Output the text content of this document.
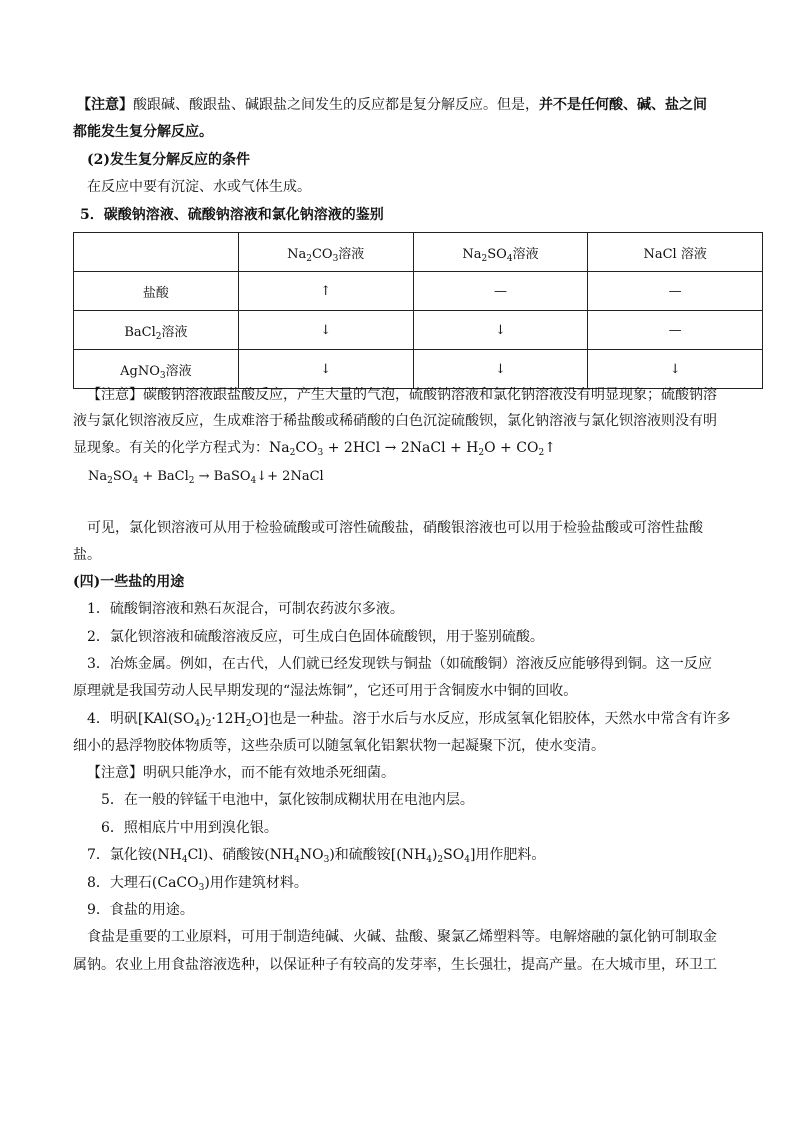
【注意】酸跟碱、酸跟盐、碱跟盐之间发生的反应都是复分解反应。但是，并不是任何酸、碱、盐之间
都能发生复分解反应。
(2)发生复分解反应的条件
在反应中要有沉淀、水或气体生成。
5．碳酸钠溶液、硫酸钠溶液和氯化钠溶液的鉴别
	$Na_2CO_3$溶液	$Na_2SO_4$溶液	NaCl 溶液
盐酸	↑	—	—
BaCl$_2$溶液	↓	↓	—
AgNO$_3$溶液	↓	↓	↓
【注意】碳酸钠溶液跟盐酸反应，产生大量的气泡，硫酸钠溶液和氯化钠溶液没有明显现象；硫酸钠溶
液与氯化钡溶液反应，生成难溶于稀盐酸或稀硝酸的白色沉淀硫酸钡，氯化钠溶液与氯化钡溶液则没有明
显现象。有关的化学方程式为：$Na_2CO_3 + 2HCl$ → 2NaCl + $H_2O$ + $CO_2↑$
$Na_2SO_4$ + BaCl$_2$ → BaSO$_4$↓+ 2NaCl
可见，氯化钡溶液可从用于检验硫酸或可溶性硫酸盐，硝酸银溶液也可以用于检验盐酸或可溶性盐酸
盐。
(四)一些盐的用途
1．硫酸铜溶液和熟石灰混合，可制农药波尔多液。
2．氯化钡溶液和硫酸溶液反应，可生成白色固体硫酸钡，用于鉴别硫酸。
3．冶炼金属。例如，在古代，人们就已经发现铁与铜盐（如硫酸铜）溶液反应能够得到铜。这一反应
原理就是我国劳动人民早期发现的“湿法炼铜”，它还可用于含铜废水中铜的回收。
4．明矾$[KAl(SO_4)_2\cdot 12H_2O]$也是一种盐。溶于水后与水反应，形成氢氧化铝胶体，天然水中常含有许多
细小的悬浮物胶体物质等，这些杂质可以随氢氧化铝絮状物一起凝聚下沉，使水变清。
【注意】明矾只能净水，而不能有效地杀死细菌。
5．在一般的锌锰干电池中，氯化铵制成糊状用在电池内层。
6．照相底片中用到溴化银。
7．氯化铵$(NH_4Cl)$、硝酸铵$(NH_4NO_3)$和硫酸铵$[(NH_4)_2SO_4]$用作肥料。
8．大理石(CaCO$_3$)用作建筑材料。
9．食盐的用途。
食盐是重要的工业原料，可用于制造纯碱、火碱、盐酸、聚氯乙烯塑料等。电解熔融的氯化钠可制取金
属钠。农业上用食盐溶液选种，以保证种子有较高的发芽率，生长强壮，提高产量。在大城市里，环卫工
